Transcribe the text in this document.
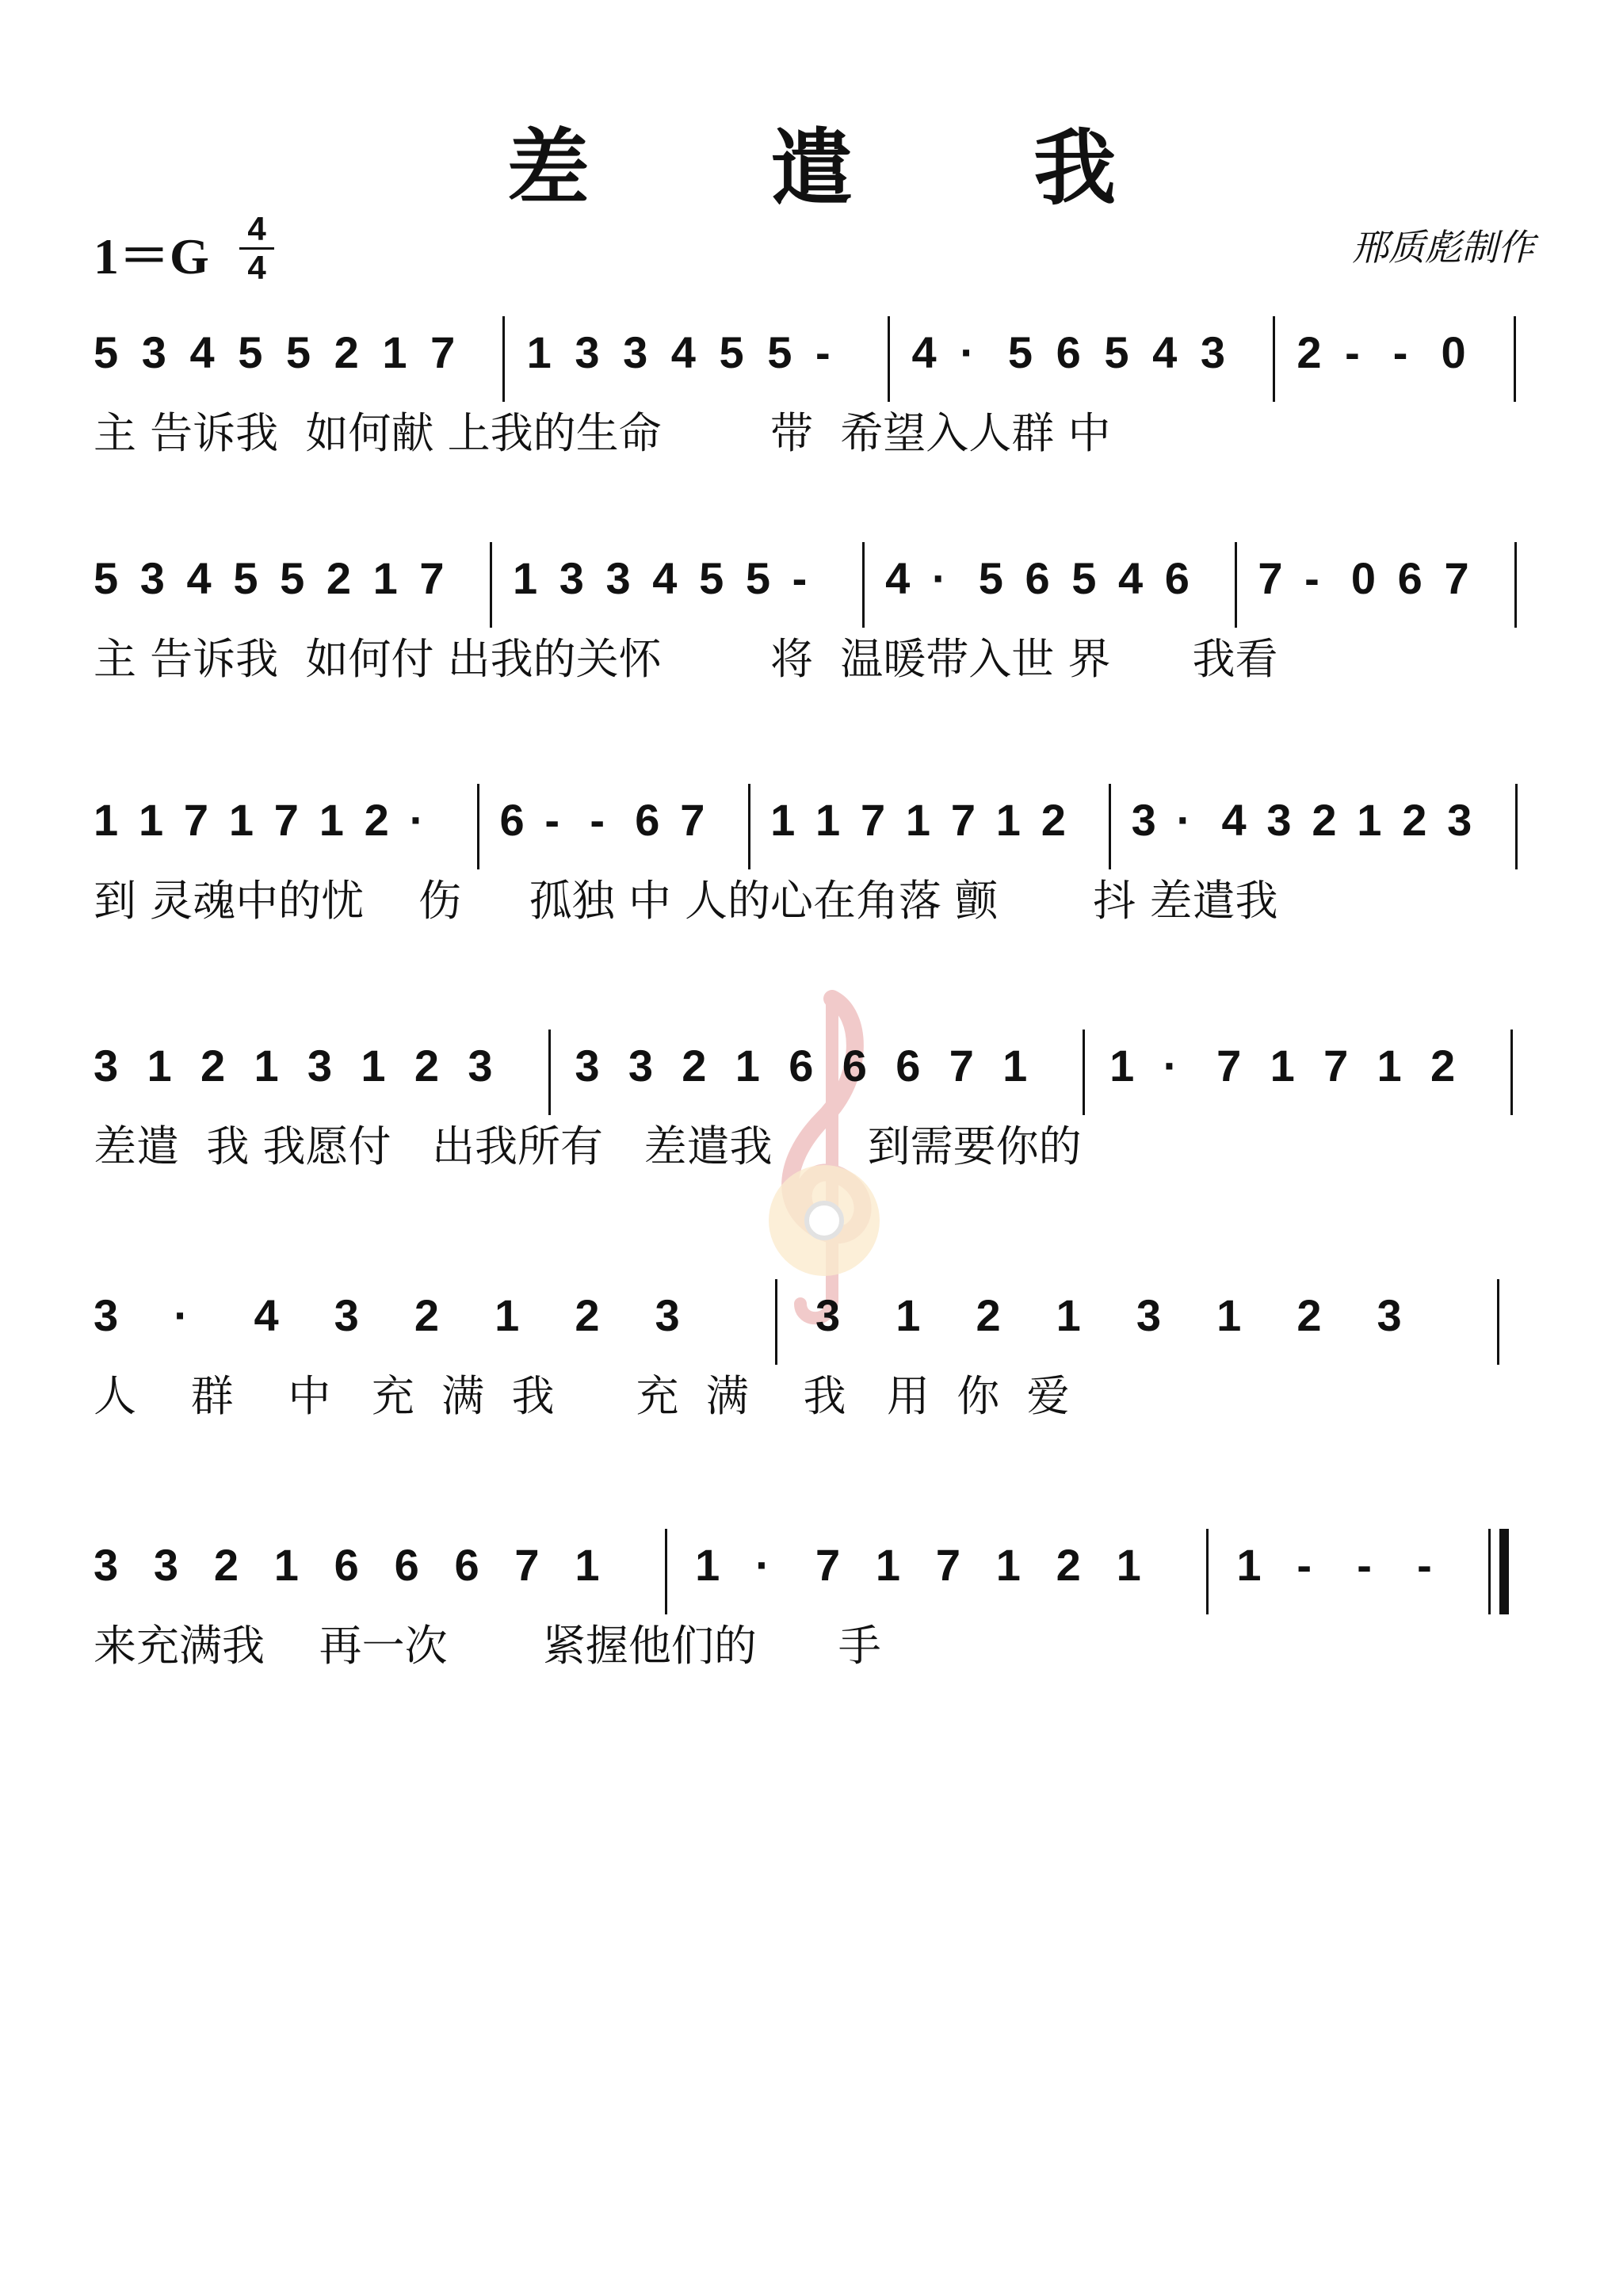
差 遣 我
1＝G 4
4	邢质彪制作
5 3 4 5 5 2 1 7 1 3 3 4 5 5 - 4 · 5 6 5 4 3 2 - - 0
主 告诉我  如何献 上我的生命        带  希望入人群 中
5 3 4 5 5 2 1 7 1 3 3 4 5 5 - 4 · 5 6 5 4 6 7 - 0 6 7
主 告诉我  如何付 出我的关怀        将  温暖带入世 界      我看
1 1 7 1 7 1 2 · 6 - - 6 7 1 1 7 1 7 1 2 3 · 4 3 2 1 2 3
到 灵魂中的忧    伤     孤独 中 人的心在角落 颤       抖 差遣我
3 1 2 1 3 1 2 3 3 3 2 1 6 6 6 7 1 1 · 7 1 7 1 2
差遣  我 我愿付   出我所有   差遣我       到需要你的
3 · 4 3 2 1 2 3	3 1 2 1 3 1 2 3
人    群    中   充  满  我      充  满    我   用  你  爱
3 3 2 1 6 6 6 7 1 1 · 7 1 7 1 2 1 1 - - -
来充满我    再一次       紧握他们的      手
